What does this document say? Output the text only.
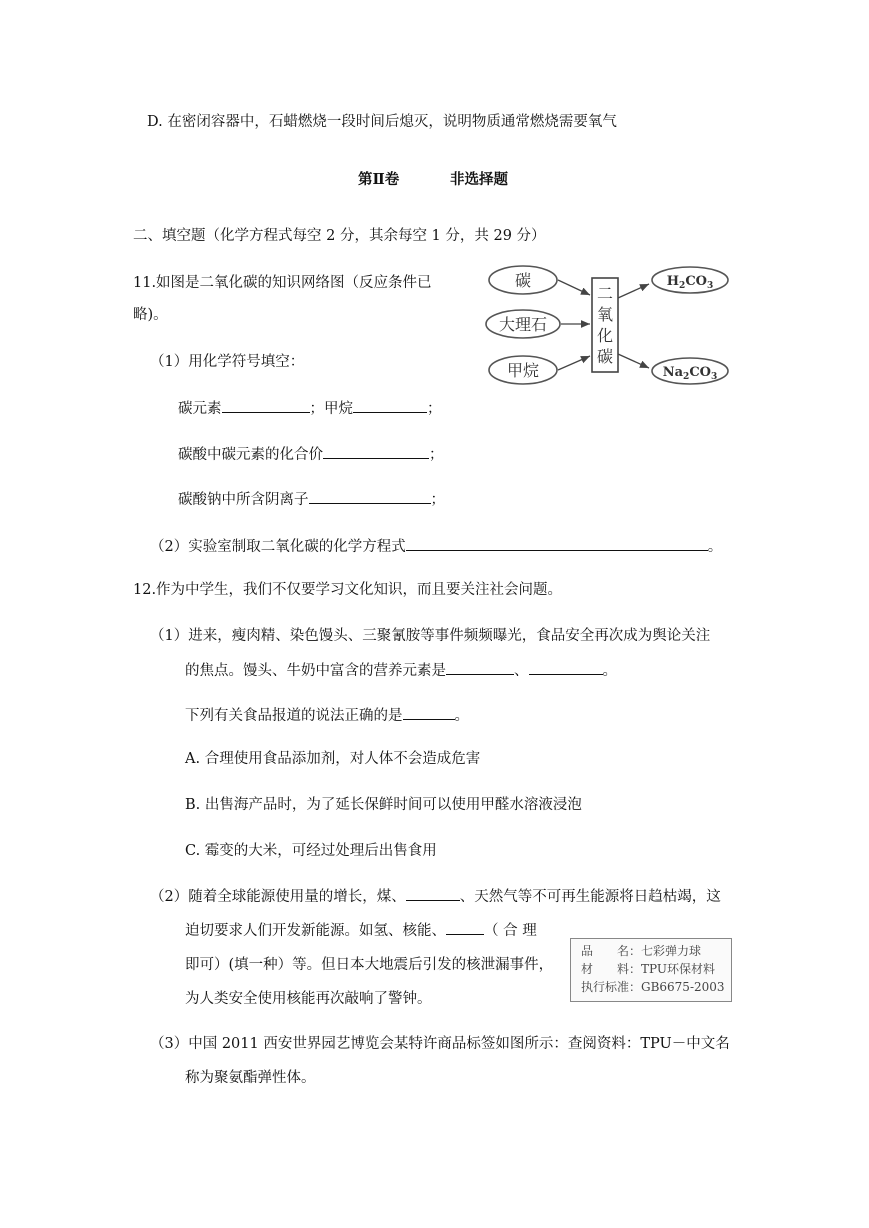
D. 在密闭容器中，石蜡燃烧一段时间后熄灭，说明物质通常燃烧需要氧气
第Ⅱ卷	非选择题
二、填空题（化学方程式每空 2 分，其余每空 1 分，共 29 分）
11.如图是二氧化碳的知识网络图（反应条件已
略)。
（1）用化学符号填空：
碳元素	；甲烷	；
碳酸中碳元素的化合价	；
碳酸钠中所含阴离子	；
（2）实验室制取二氧化碳的化学方程式	。
碳
大理石
甲烷
二
氧
化
碳
$H_2CO_3$
$Na_2CO_3$
12.作为中学生，我们不仅要学习文化知识，而且要关注社会问题。
（1）进来，瘦肉精、染色馒头、三聚氰胺等事件频频曝光，食品安全再次成为舆论关注
的焦点。馒头、牛奶中富含的营养元素是	、	。
下列有关食品报道的说法正确的是	。
A. 合理使用食品添加剂，对人体不会造成危害
B. 出售海产品时，为了延长保鲜时间可以使用甲醛水溶液浸泡
C. 霉变的大米，可经过处理后出售食用
（2）随着全球能源使用量的增长，煤、	、天然气等不可再生能源将日趋枯竭，这
迫切要求人们开发新能源。如氢、核能、	（ 合 理
即可）(填一种）等。但日本大地震后引发的核泄漏事件，
为人类安全使用核能再次敲响了警钟。
品　　名：七彩弹力球
材　　料：TPU环保材料
执行标准：GB6675-2003
（3）中国 2011 西安世界园艺博览会某特许商品标签如图所示：查阅资料：TPU－中文名
称为聚氨酯弹性体。
